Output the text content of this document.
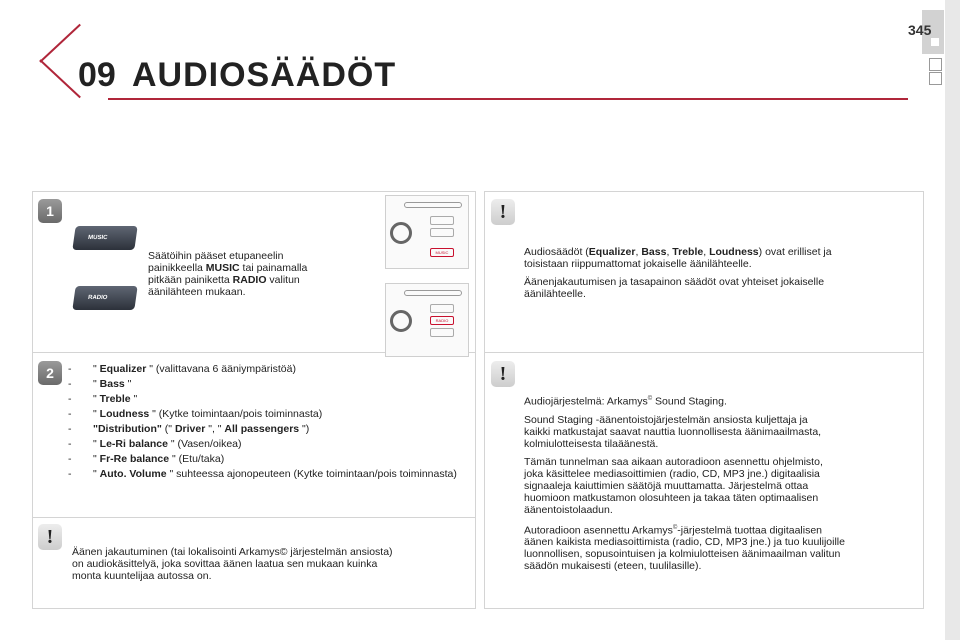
345
09 AUDIOSÄÄDÖT
1
MUSIC
RADIO
Säätöihin pääset etupaneelin
painikkeella MUSIC tai painamalla
pitkään painiketta RADIO valitun
äänilähteen mukaan.
MUSIC
RADIO
2	- " Equalizer " (valittavana 6 ääniympäristöä)
- " Bass "
- " Treble "
- " Loudness " (Kytke toimintaan/pois toiminnasta)
- "Distribution" (" Driver ", " All passengers ")
- " Le-Ri balance " (Vasen/oikea)
- " Fr-Re balance " (Etu/taka)
- " Auto. Volume " suhteessa ajonopeuteen (Kytke toimintaan/pois toiminnasta)
!
Äänen jakautuminen (tai lokalisointi Arkamys© järjestelmän ansiosta)
on audiokäsittelyä, joka sovittaa äänen laatua sen mukaan kuinka
monta kuuntelijaa autossa on.
!
Audiosäädöt (Equalizer, Bass, Treble, Loudness) ovat erilliset ja
toisistaan riippumattomat jokaiselle äänilähteelle.
Äänenjakautumisen ja tasapainon säädöt ovat yhteiset jokaiselle
äänilähteelle.
!
Audiojärjestelmä: Arkamys© Sound Staging.
Sound Staging -äänentoistojärjestelmän ansiosta kuljettaja ja
kaikki matkustajat saavat nauttia luonnollisesta äänimaailmasta,
kolmiulotteisesta tilaäänestä.
Tämän tunnelman saa aikaan autoradioon asennettu ohjelmisto,
joka käsittelee mediasoittimien (radio, CD, MP3 jne.) digitaalisia
signaaleja kaiuttimien säätöjä muuttamatta. Järjestelmä ottaa
huomioon matkustamon olosuhteen ja takaa täten optimaalisen
äänentoistolaadun.
Autoradioon asennettu Arkamys©-järjestelmä tuottaa digitaalisen
äänen kaikista mediasoittimista (radio, CD, MP3 jne.) ja tuo kuulijoille
luonnollisen, sopusointuisen ja kolmiulotteisen äänimaailman valitun
säädön mukaisesti (eteen, tuulilasille).
